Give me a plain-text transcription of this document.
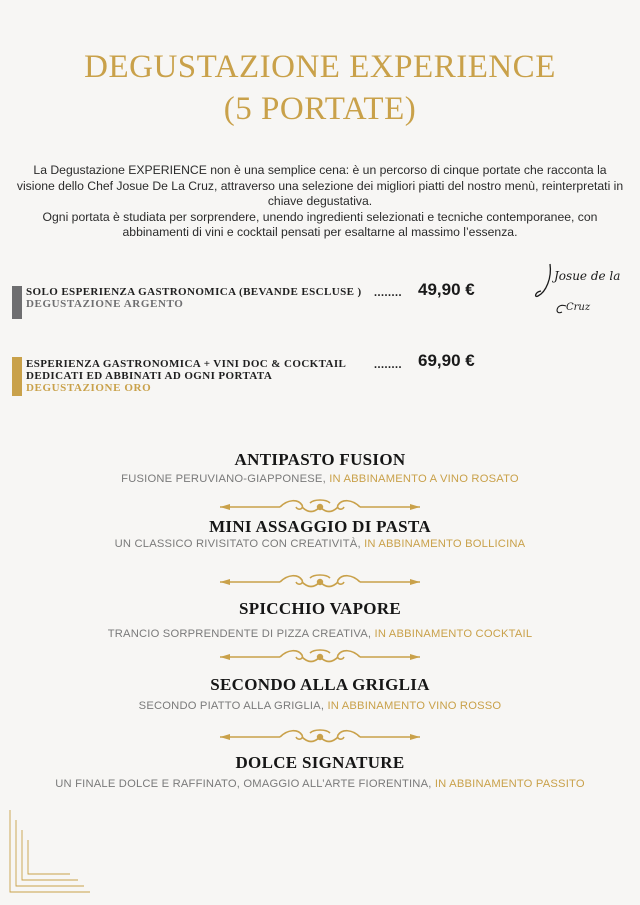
DEGUSTAZIONE EXPERIENCE
(5 PORTATE)

La Degustazione EXPERIENCE non è una semplice cena: è un percorso di cinque portate che racconta la visione dello Chef Josue De La Cruz, attraverso una selezione dei migliori piatti del nostro menù, reinterpretati in chiave degustativa.

Ogni portata è studiata per sorprendere, unendo ingredienti selezionati e tecniche contemporanee, con abbinamenti di vini e cocktail pensati per esaltarne al massimo l’essenza.

SOLO ESPERIENZA GASTRONOMICA (BEVANDE ESCLUSE )
DEGUSTAZIONE ARGENTO
........ 49,90 €
ESPERIENZA GASTRONOMICA + VINI DOC & COCKTAIL
DEDICATI ED ABBINATI AD OGNI PORTATA
DEGUSTAZIONE ORO
........ 69,90 €
Josue de la
Cruz
ANTIPASTO FUSION
FUSIONE PERUVIANO-GIAPPONESE, IN ABBINAMENTO A VINO ROSATO
MINI ASSAGGIO DI PASTA
UN CLASSICO RIVISITATO CON CREATIVITÀ, IN ABBINAMENTO BOLLICINA
SPICCHIO VAPORE
TRANCIO SORPRENDENTE DI PIZZA CREATIVA, IN ABBINAMENTO COCKTAIL
SECONDO ALLA GRIGLIA
SECONDO PIATTO ALLA GRIGLIA, IN ABBINAMENTO VINO ROSSO
DOLCE SIGNATURE
UN FINALE DOLCE E RAFFINATO, OMAGGIO ALL’ARTE FIORENTINA, IN ABBINAMENTO PASSITO
